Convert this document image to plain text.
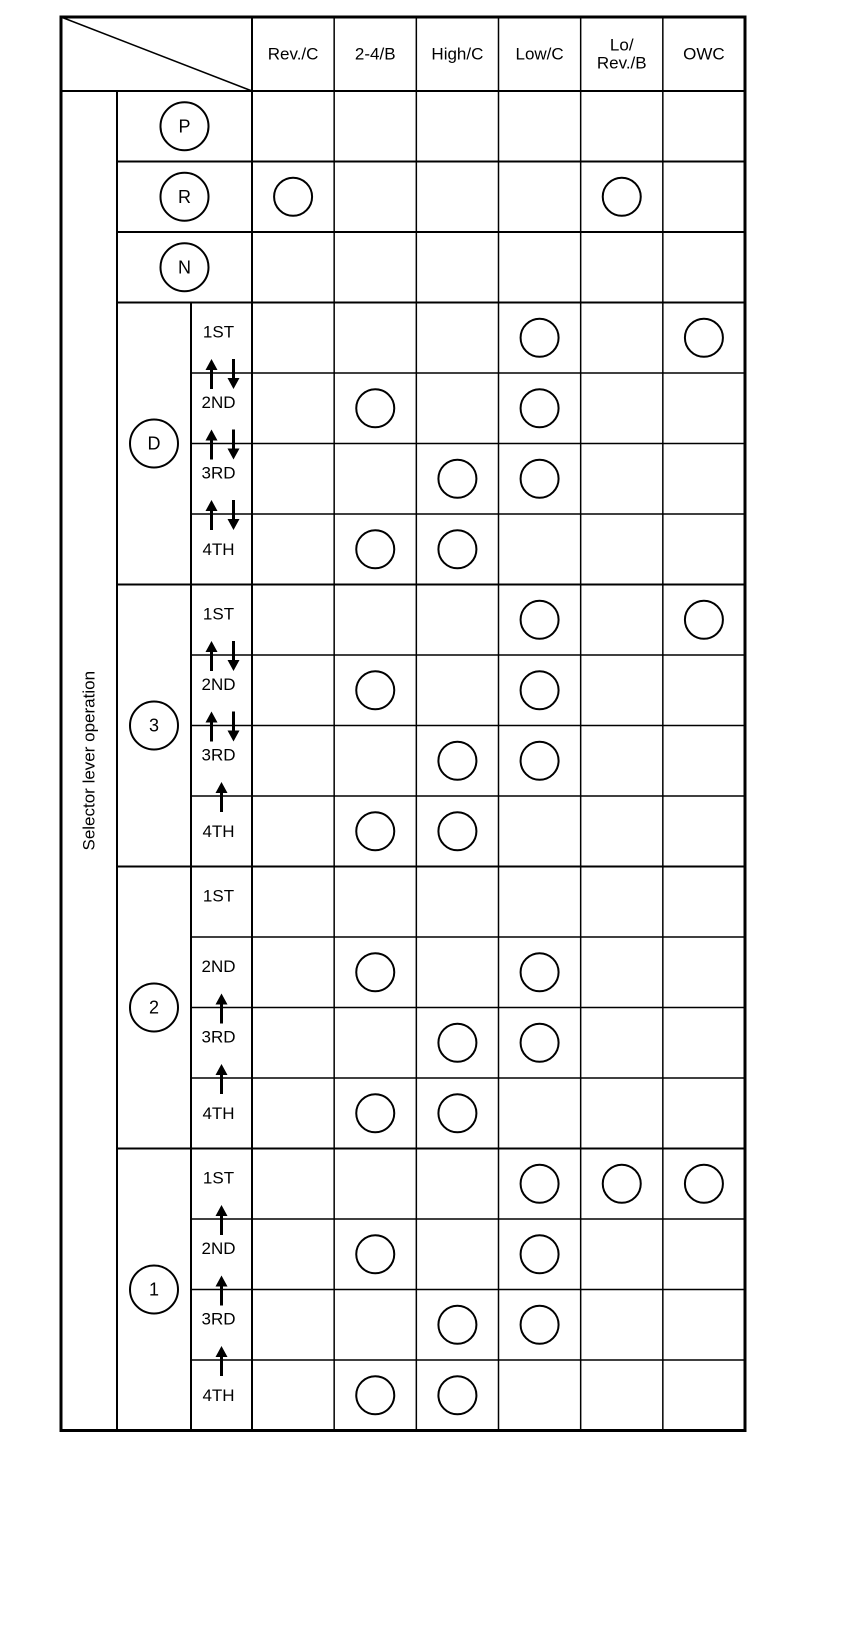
Rev./C 2-4/B High/C Low/C	Lo/
Rev./B OWC
Selector lever operation
P
R
N
D
1ST
2ND
3RD
4TH
3
1ST
2ND
3RD
4TH
2
1ST
2ND
3RD
4TH
1
1ST
2ND
3RD
4TH
